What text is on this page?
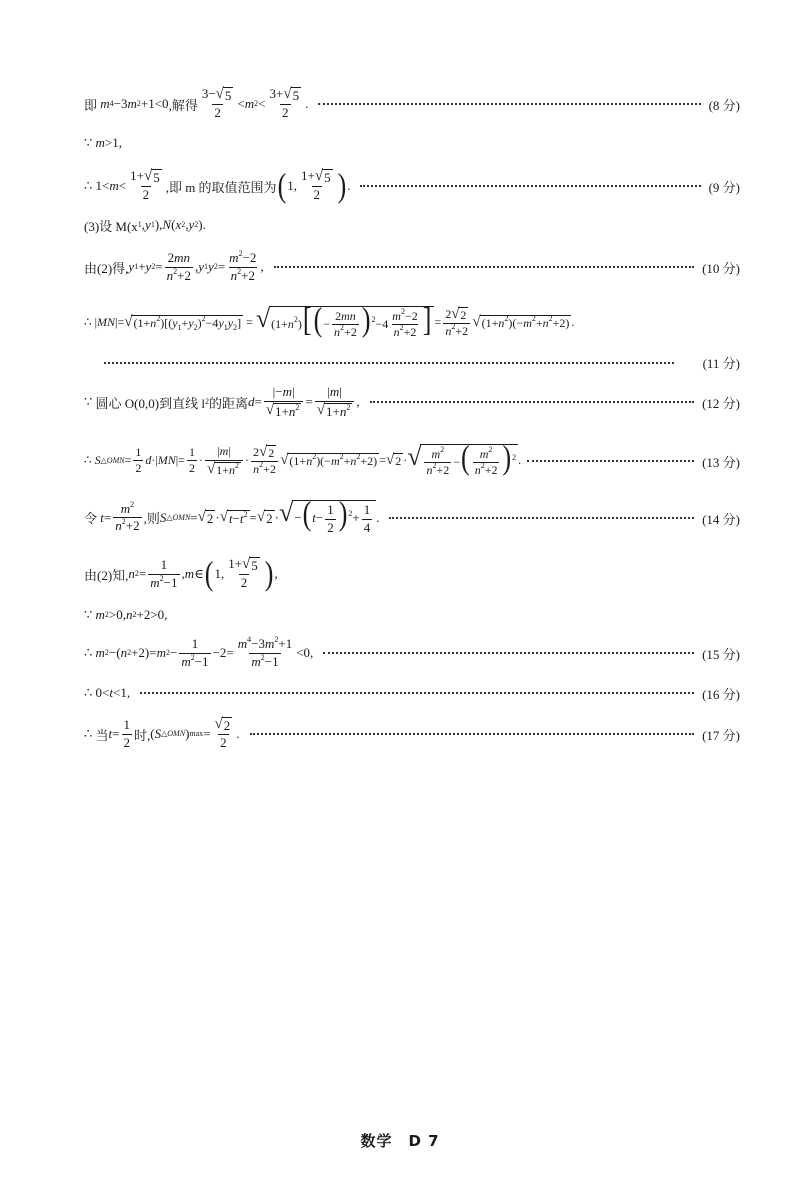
即
m 4 −3 m 2 +1<0 ,解得 $\frac{3- √ 5}{2} < m$ $2 < \frac{3+ √ 5}{2}$ .	(8 分)
∵
m >1,
∴ $1< m < \frac{1+ √ 5}{2}$ ,即 m 的取值范围为 ( 1, $\frac{1+ √ 5}{2}$ ) .	(9 分)
(3)设 M(x 1 , y 1 ), N ( x 2 , y 2 ).
由(2)得, y 1 + y $2 = \frac{2mn}{n^2+2}$ , y 1 y $2 = \frac{m^2-2}{n^2+2}$ ,	(10 分)
∴ | MN |= √ $(1+n^2)[(y_1+y_2)^2-4y_1y_2]$ = √ $(1+n^2)[(- \frac{2mn}{n^2+2} )^2-4 \frac{m^2-2}{n^2+2}$ ] = $\frac{2 √ 2}{n^2+2}$ √ $(1+n^2)(-m^2+n^2+2)$ .
(11 分)
∵
圆心 O(0,0)到直线 l 2 的距离 $d = \frac{|-m|}{√ 1+n^2} = \frac{|m|}{√ 1+n^2}$ ,	(12 分)
∴
S △OMN = $\frac{1}{2}$ d ·| MN |= $\frac{1}{2} \cdot \frac{|m|}{√ 1+n^2} \cdot \frac{2 √ 2}{n^2+2}$ √ $(1+n^2)(-m^2+n^2+2)$ = √ 2 · √ $\frac{m^2}{n^2+2}$ −( $\frac{m^2}{n^2+2} )^2$ .	(13 分)
令
$t = \frac{m^2}{n^2+2}$ ,则 S △OMN = √ 2 · √ $t-t^2$ = √ 2 · √ $-(t- \frac{1}{2} )^2+ \frac{1}{4}$ .	(14 分)
由(2)知, n $2 = \frac{1}{m^2-1}$ , m ∈ ( 1, $\frac{1+ √ 5}{2}$ ) ,
∵
m 2 >0, n 2 +2>0,
∴
m 2 −( n 2 +2)= m $2 - \frac{1}{m^2-1} -2= \frac{m^4-3m^2+1}{m^2-1} <0$,	(15 分)
∴ 0< t <1,	(16 分)
∴
当 $t = \frac{1}{2}$ 时, ( S △OMN ) $\max = \frac{√ 2}{2}$ .	(17 分)
数学　D 7
